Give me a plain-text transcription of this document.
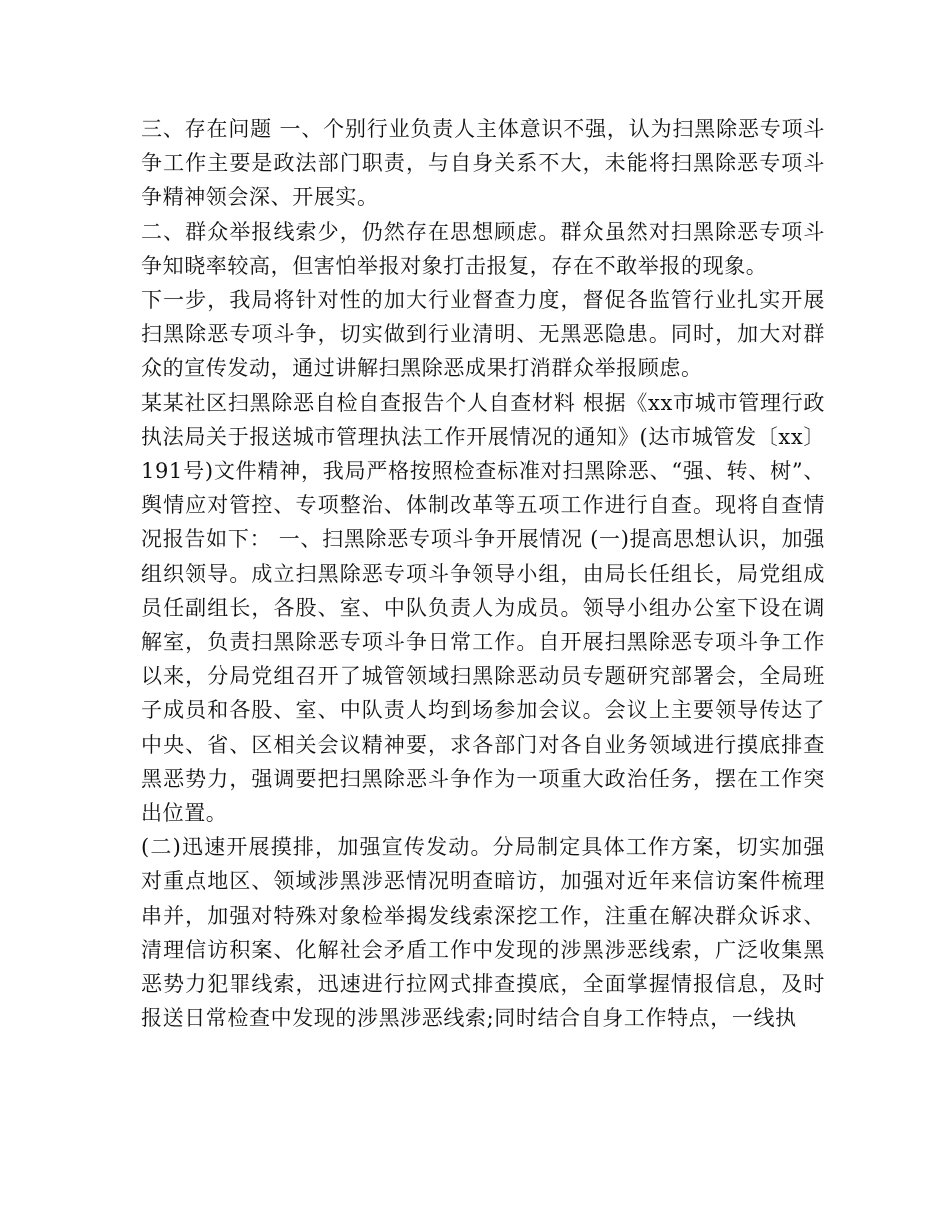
三、存在问题 一、个别行业负责人主体意识不强，认为扫黑除恶专项斗争工作主要是政法部门职责，与自身关系不大，未能将扫黑除恶专项斗争精神领会深、开展实。

二、群众举报线索少，仍然存在思想顾虑。群众虽然对扫黑除恶专项斗争知晓率较高，但害怕举报对象打击报复，存在不敢举报的现象。

下一步，我局将针对性的加大行业督查力度，督促各监管行业扎实开展扫黑除恶专项斗争，切实做到行业清明、无黑恶隐患。同时，加大对群众的宣传发动，通过讲解扫黑除恶成果打消群众举报顾虑。

某某社区扫黑除恶自检自查报告个人自查材料 根据《xx市城市管理行政执法局关于报送城市管理执法工作开展情况的通知》(达市城管发〔xx〕191号)文件精神，我局严格按照检查标准对扫黑除恶、“强、转、树”、舆情应对管控、专项整治、体制改革等五项工作进行自查。现将自查情况报告如下： 一、扫黑除恶专项斗争开展情况 (一)提高思想认识，加强组织领导。成立扫黑除恶专项斗争领导小组，由局长任组长，局党组成员任副组长，各股、室、中队负责人为成员。领导小组办公室下设在调解室，负责扫黑除恶专项斗争日常工作。自开展扫黑除恶专项斗争工作以来，分局党组召开了城管领域扫黑除恶动员专题研究部署会，全局班子成员和各股、室、中队责人均到场参加会议。会议上主要领导传达了中央、省、区相关会议精神要，求各部门对各自业务领域进行摸底排查黑恶势力，强调要把扫黑除恶斗争作为一项重大政治任务，摆在工作突出位置。

(二)迅速开展摸排，加强宣传发动。分局制定具体工作方案，切实加强对重点地区、领域涉黑涉恶情况明查暗访，加强对近年来信访案件梳理串并，加强对特殊对象检举揭发线索深挖工作，注重在解决群众诉求、清理信访积案、化解社会矛盾工作中发现的涉黑涉恶线索，广泛收集黑恶势力犯罪线索，迅速进行拉网式排查摸底，全面掌握情报信息，及时报送日常检查中发现的涉黑涉恶线索;同时结合自身工作特点，一线执
